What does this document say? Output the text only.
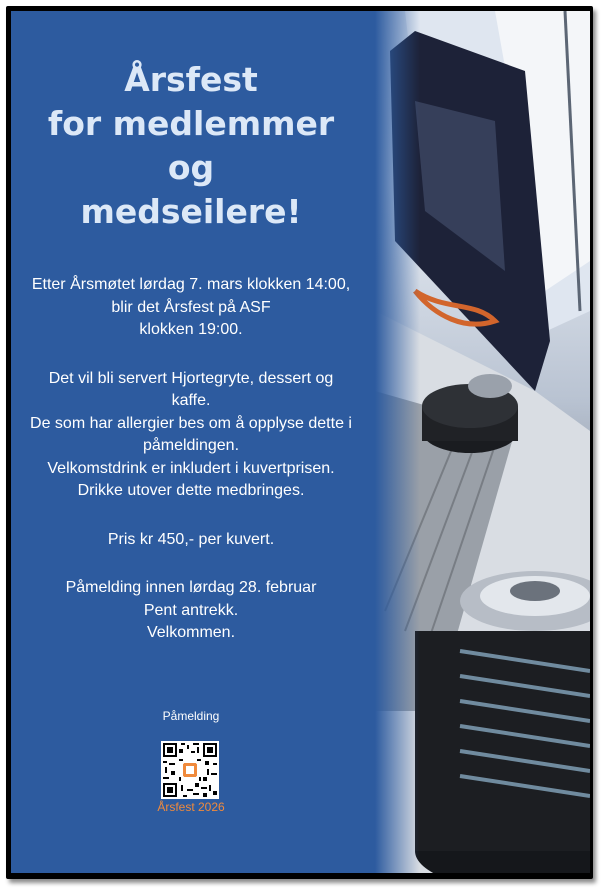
Årsfest
for medlemmer
og
medseilere!

Etter Årsmøtet lørdag 7. mars klokken 14:00,

blir det Årsfest på ASF

klokken 19:00.

Det vil bli servert Hjortegryte, dessert og

kaffe.

De som har allergier bes om å opplyse dette i

påmeldingen.

Velkomstdrink er inkludert i kuvertprisen.

Drikke utover dette medbringes.

Pris kr 450,- per kuvert.

Påmelding innen lørdag 28. februar

Pent antrekk.

Velkommen.

Påmelding
Årsfest 2026
